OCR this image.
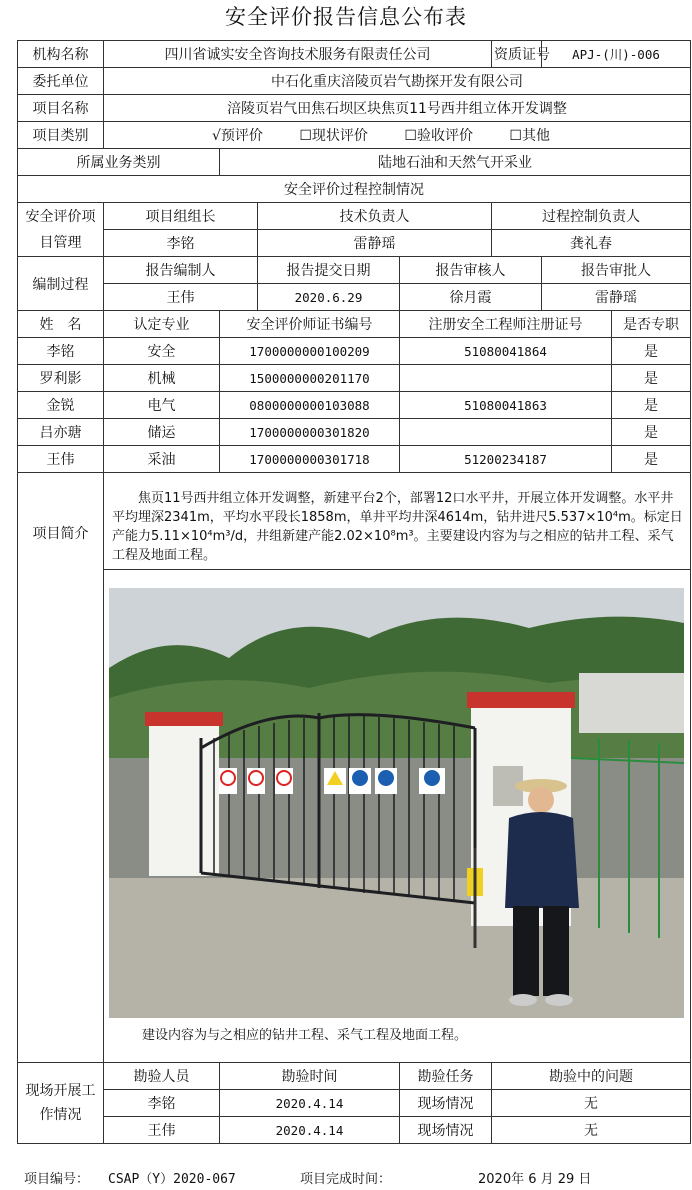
安全评价报告信息公布表
机构名称	四川省诚实安全咨询技术服务有限责任公司				资质证号	APJ-(川)-006	
委托单位	中石化重庆涪陵页岩气勘探开发有限公司						
项目名称	涪陵页岩气田焦石坝区块焦页11号西井组立体开发调整						
项目类别	√预评价 ☐现状评价 ☐验收评价 ☐其他						
所属业务类别		陆地石油和天然气开采业					
安全评价过程控制情况							
安全评价项目管理	项目组组长		技术负责人		过程控制负责人		
	李铭		雷静瑶		龚礼春		
编制过程	报告编制人		报告提交日期	报告审核人		报告审批人	
	王伟		2020.6.29	徐月霞		雷静瑶	
姓　名	认定专业	安全评价师证书编号		注册安全工程师注册证号			是否专职
李铭	安全	1700000000100209		51080041864			是
罗利影	机械	1500000000201170					是
金锐	电气	0800000000103088		51080041863			是
吕亦瑭	储运	1700000000301820					是
王伟	采油	1700000000301718		51200234187			是
项目简介	焦页11号西井组立体开发调整，新建平台2个，部署12口水平井，开展立体开发调整。水平井平均埋深2341m，平均水平段长1858m，单井平均井深4614m，钻井进尺5.537×10⁴m。标定日产能力5.11×10⁴m³/d，井组新建产能2.02×10⁸m³。主要建设内容为与之相应的钻井工程、采气工程及地面工程。						

	建设内容为与之相应的钻井工程、采气工程及地面工程。						

现场开展工作情况	勘验人员	勘验时间		勘验任务	勘验中的问题		
	李铭	2020.4.14		现场情况	无		
	王伟	2020.4.14		现场情况	无		
项目编号： CSAP（Y）2020-067	项目完成时间：	2020年 6 月 29 日
